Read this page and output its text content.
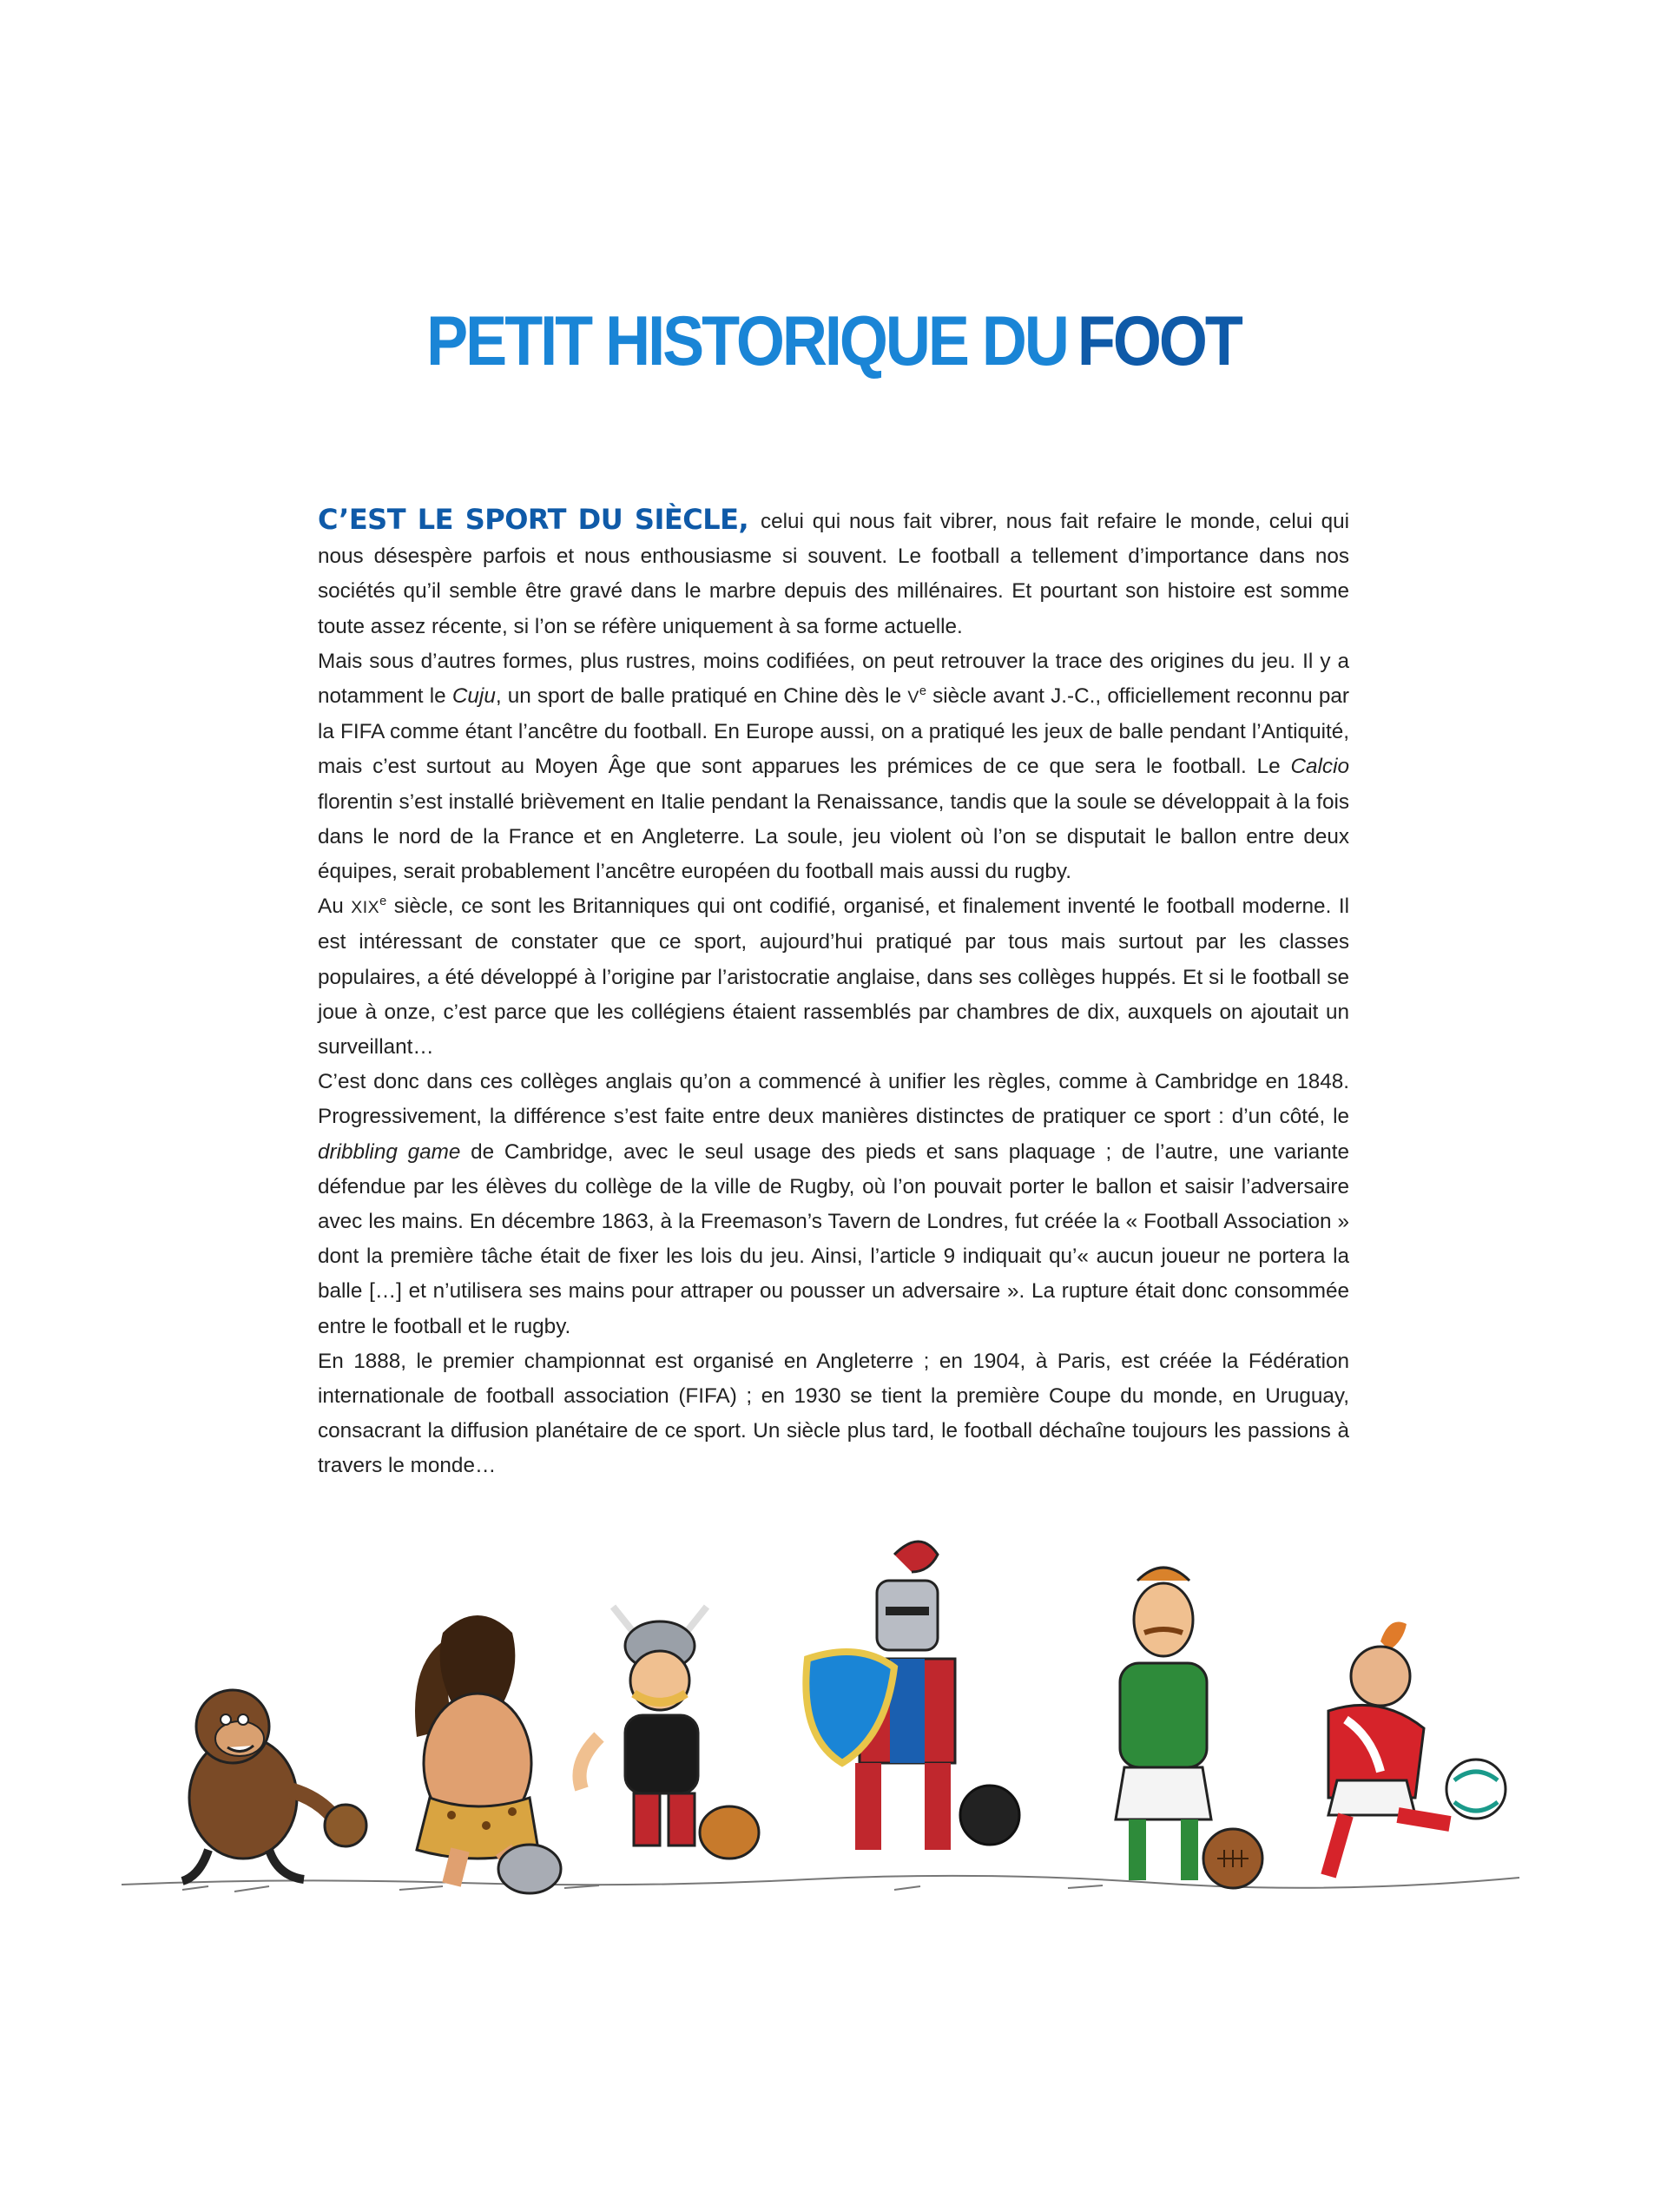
PETIT HISTORIQUE DU FOOT

C’EST LE SPORT DU SIÈCLE, celui qui nous fait vibrer, nous fait refaire le monde, celui qui nous désespère parfois et nous enthousiasme si souvent. Le football a tellement d’importance dans nos sociétés qu’il semble être gravé dans le marbre depuis des millénaires. Et pourtant son histoire est somme toute assez récente, si l’on se réfère uniquement à sa forme actuelle.

Mais sous d’autres formes, plus rustres, moins codifiées, on peut retrouver la trace des origines du jeu. Il y a notamment le Cuju, un sport de balle pratiqué en Chine dès le Ve siècle avant J.-C., officiellement reconnu par la FIFA comme étant l’ancêtre du football. En Europe aussi, on a pratiqué les jeux de balle pendant l’Antiquité, mais c’est surtout au Moyen Âge que sont apparues les prémices de ce que sera le football. Le Calcio florentin s’est installé brièvement en Italie pendant la Renaissance, tandis que la soule se développait à la fois dans le nord de la France et en Angleterre. La soule, jeu violent où l’on se disputait le ballon entre deux équipes, serait probablement l’ancêtre européen du football mais aussi du rugby.

Au XIXe siècle, ce sont les Britanniques qui ont codifié, organisé, et finalement inventé le football moderne. Il est intéressant de constater que ce sport, aujourd’hui pratiqué par tous mais surtout par les classes populaires, a été développé à l’origine par l’aristocratie anglaise, dans ses collèges huppés. Et si le football se joue à onze, c’est parce que les collégiens étaient rassemblés par chambres de dix, auxquels on ajoutait un surveillant…

C’est donc dans ces collèges anglais qu’on a commencé à unifier les règles, comme à Cambridge en 1848. Progressivement, la différence s’est faite entre deux manières distinctes de pratiquer ce sport : d’un côté, le dribbling game de Cambridge, avec le seul usage des pieds et sans plaquage ; de l’autre, une variante défendue par les élèves du collège de la ville de Rugby, où l’on pouvait porter le ballon et saisir l’adversaire avec les mains. En décembre 1863, à la Freemason’s Tavern de Londres, fut créée la « Football Association » dont la première tâche était de fixer les lois du jeu. Ainsi, l’article 9 indiquait qu’« aucun joueur ne portera la balle […] et n’utilisera ses mains pour attraper ou pousser un adversaire ». La rupture était donc consommée entre le football et le rugby.

En 1888, le premier championnat est organisé en Angleterre ; en 1904, à Paris, est créée la Fédération internationale de football association (FIFA) ; en 1930 se tient la première Coupe du monde, en Uruguay, consacrant la diffusion planétaire de ce sport. Un siècle plus tard, le football déchaîne toujours les passions à travers le monde…
